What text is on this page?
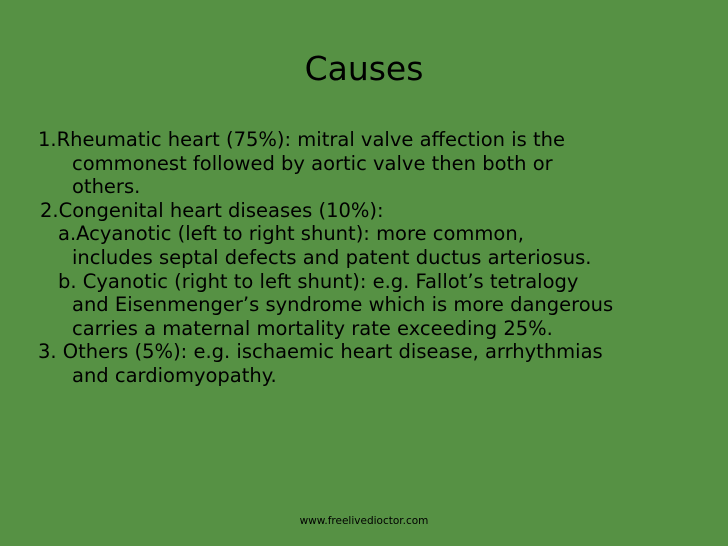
Causes
1.Rheumatic heart (75%): mitral valve affection is the
commonest followed by aortic valve then both or
others.
2.Congenital heart diseases (10%):
a.Acyanotic (left to right shunt): more common,
includes septal defects and patent ductus arteriosus.
b. Cyanotic (right to left shunt): e.g. Fallot’s tetralogy
and Eisenmenger’s syndrome which is more dangerous
carries a maternal mortality rate exceeding 25%.
3. Others (5%): e.g. ischaemic heart disease, arrhythmias
and cardiomyopathy.
www.freelivedioctor.com
